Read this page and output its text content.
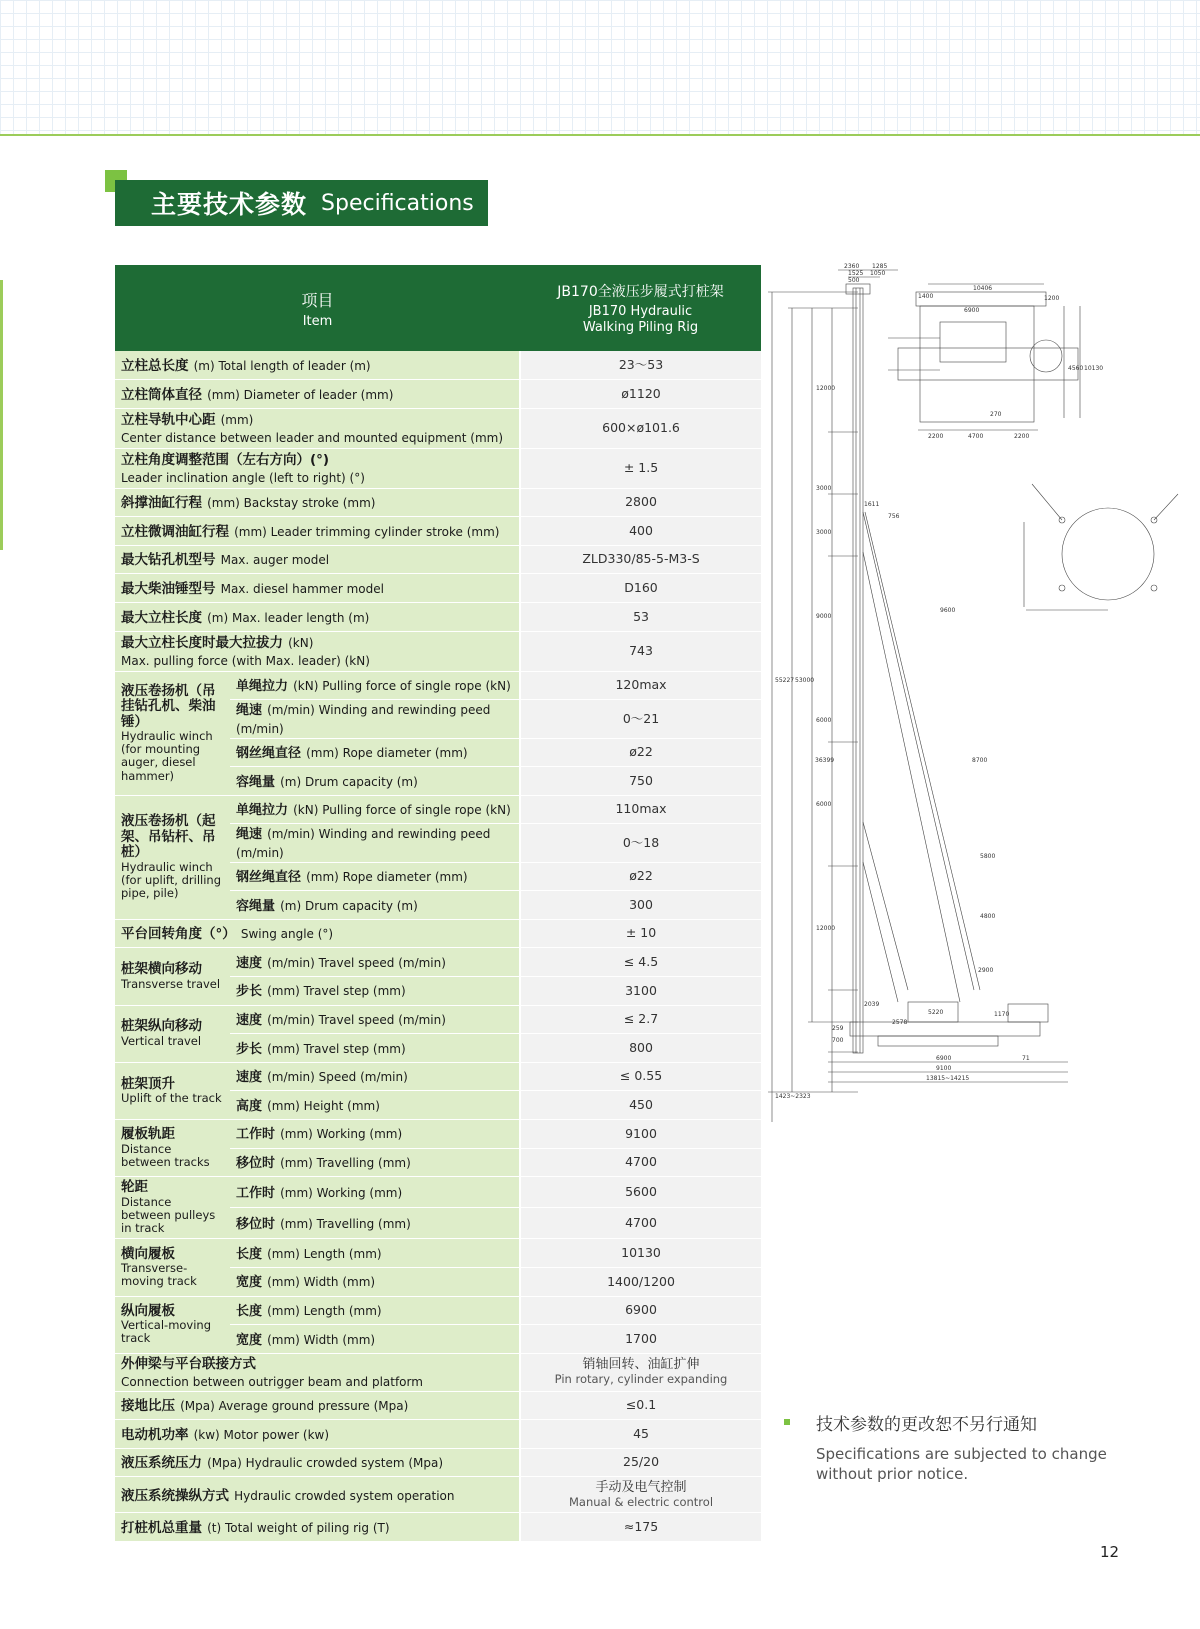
主要技术参数 Specifications
项目
Item		JB170全液压步履式打桩架
JB170 Hydraulic
Walking Piling Rig

立柱总长度 (m) Total length of leader (m)		23～53
立柱筒体直径 (mm) Diameter of leader (mm)		ø1120
立柱导轨中心距 (mm)
Center distance between leader and mounted equipment (mm)		600×ø101.6
立柱角度调整范围（左右方向）(°)
Leader inclination angle (left to right) (°)		± 1.5
斜撑油缸行程 (mm) Backstay stroke (mm)		2800
立柱微调油缸行程 (mm) Leader trimming cylinder stroke (mm)		400
最大钻孔机型号 Max. auger model		ZLD330/85-5-M3-S
最大柴油锤型号 Max. diesel hammer model		D160
最大立柱长度 (m) Max. leader length (m)		53
最大立柱长度时最大拉拔力 (kN)
Max. pulling force (with Max. leader) (kN)		743

液压卷扬机（吊挂钻孔机、柴油锤）
Hydraulic winch (for mounting auger, diesel hammer)	单绳拉力 (kN) Pulling force of single rope (kN)	120max
	绳速 (m/min) Winding and rewinding peed (m/min)	0～21
	钢丝绳直径 (mm) Rope diameter (mm)	ø22
	容绳量 (m) Drum capacity (m)	750

液压卷扬机（起架、吊钻杆、吊桩）
Hydraulic winch (for uplift, drilling pipe, pile)	单绳拉力 (kN) Pulling force of single rope (kN)	110max
	绳速 (m/min) Winding and rewinding peed (m/min)	0～18
	钢丝绳直径 (mm) Rope diameter (mm)	ø22
	容绳量 (m) Drum capacity (m)	300
平台回转角度（°） Swing angle (°)		± 10

桩架横向移动
Transverse travel	速度 (m/min) Travel speed (m/min)	≤ 4.5
	步长 (mm) Travel step (mm)	3100

桩架纵向移动
Vertical travel	速度 (m/min) Travel speed (m/min)	≤ 2.7
	步长 (mm) Travel step (mm)	800

桩架顶升
Uplift of the track	速度 (m/min) Speed (m/min)	≤ 0.55
	高度 (mm) Height (mm)	450

履板轨距
Distance between tracks	工作时 (mm) Working (mm)	9100
	移位时 (mm) Travelling (mm)	4700

轮距
Distance between pulleys in track	工作时 (mm) Working (mm)	5600
	移位时 (mm) Travelling (mm)	4700

横向履板
Transverse-moving track	长度 (mm) Length (mm)	10130
	宽度 (mm) Width (mm)	1400/1200

纵向履板
Vertical-moving track	长度 (mm) Length (mm)	6900
	宽度 (mm) Width (mm)	1700
外伸梁与平台联接方式
Connection between outrigger beam and platform		销轴回转、油缸扩伸
Pin rotary, cylinder expanding

接地比压 (Mpa) Average ground pressure (Mpa)		≤0.1
电动机功率 (kw) Motor power (kw)		45
液压系统压力 (Mpa) Hydraulic crowded system (Mpa)		25/20
液压系统操纵方式 Hydraulic crowded system operation		手动及电气控制
Manual & electric control

打桩机总重量 (t) Total weight of piling rig (T)		≈175
2360 1285
1525 1050
500
10406
1400
6900
1200
4560 10130
270
2200	4700	2200
12000
3000
3000
9000
6000
6000
12000
55227 53000
36399
9600
8700
5800
4800
2900
2039
5220
2578
1170
700
259
6900	71
9100
13815~14215
1423~2323
1611
756
技术参数的更改恕不另行通知
Specifications are subjected to change without prior notice.
12
